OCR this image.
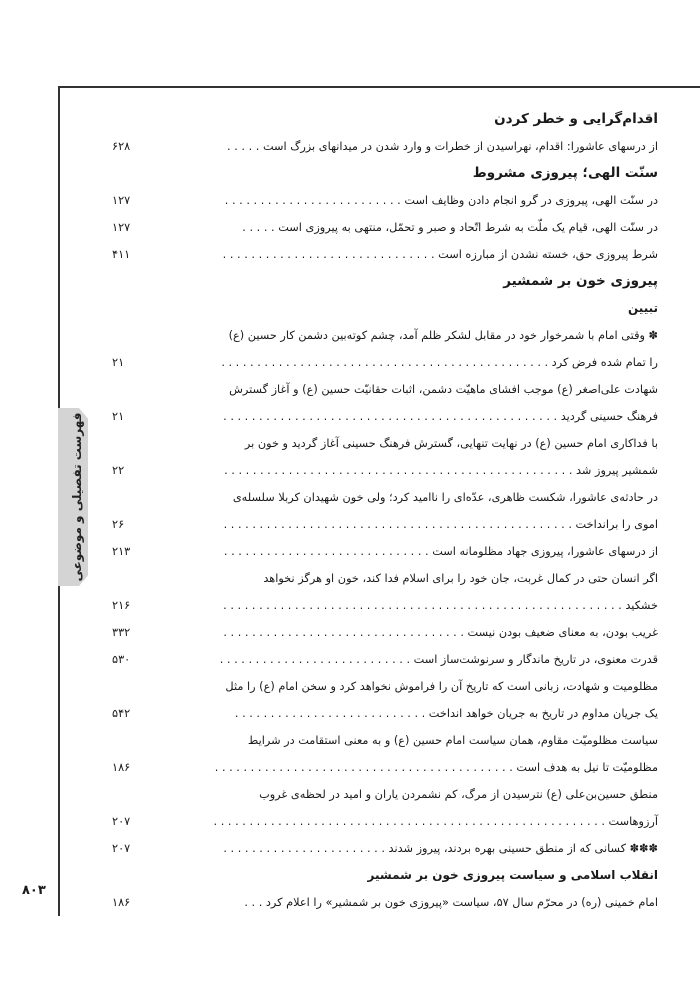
فهرست تفصیلی و موضوعی
۸۰۳
اقدام‌گرایی و خطر کردن
از درسهای عاشورا: اقدام، نهراسیدن از خطرات و وارد شدن در میدانهای بزرگ است . . . . .
۶۲۸
سنّت الهی؛ پیروزی مشروط
در سنّت الهی، پیروزی در گرو انجام دادن وظایف است . . . . . . . . . . . . . . . . . . . . . . . . .
۱۲۷
در سنّت الهی، قیام یک ملّت به شرط اتّحاد و صبر و تحمّل، منتهی به پیروزی است . . . . .
۱۲۷
شرط پیروزی حق، خسته نشدن از مبارزه است . . . . . . . . . . . . . . . . . . . . . . . . . . . . . .
۴۱۱
پیروزی خون بر شمشیر
تبیین
✽ وقتی امام با شمرخوار خود در مقابل لشکر ظلم آمد، چشم کوته‌بین دشمن کار حسین (ع)
را تمام شده فرض کرد . . . . . . . . . . . . . . . . . . . . . . . . . . . . . . . . . . . . . . . . . . . . . .
۲۱
شهادت علی‌اصغر (ع) موجب افشای ماهیّت دشمن، اثبات حقانیّت حسین (ع) و آغاز گسترش
فرهنگ حسینی گردید . . . . . . . . . . . . . . . . . . . . . . . . . . . . . . . . . . . . . . . . . . . . . . .
۲۱
با فداکاری امام حسین (ع) در نهایت تنهایی، گسترش فرهنگ حسینی آغاز گردید و خون بر
شمشیر پیروز شد . . . . . . . . . . . . . . . . . . . . . . . . . . . . . . . . . . . . . . . . . . . . . . . . .
۲۲
در حادثه‌ی عاشورا، شکست ظاهری، عدّه‌ای را ناامید کرد؛ ولی خون شهیدان کربلا سلسله‌ی
اموی را برانداخت . . . . . . . . . . . . . . . . . . . . . . . . . . . . . . . . . . . . . . . . . . . . . . . . .
۲۶
از درسهای عاشورا، پیروزی جهاد مظلومانه است . . . . . . . . . . . . . . . . . . . . . . . . . . . . .
۲۱۳
اگر انسان حتی در کمال غربت، جان خود را برای اسلام فدا کند، خون او هرگز نخواهد
خشکید . . . . . . . . . . . . . . . . . . . . . . . . . . . . . . . . . . . . . . . . . . . . . . . . . . . . . . . .
۲۱۶
غریب بودن، به معنای ضعیف بودن نیست . . . . . . . . . . . . . . . . . . . . . . . . . . . . . . . . . .
۳۳۲
قدرت معنوی، در تاریخ ماندگار و سرنوشت‌ساز است . . . . . . . . . . . . . . . . . . . . . . . . . . .
۵۳۰
مظلومیت و شهادت، زبانی است که تاریخ آن را فراموش نخواهد کرد و سخن امام (ع) را مثل
یک جریان مداوم در تاریخ به جریان خواهد انداخت . . . . . . . . . . . . . . . . . . . . . . . . . . .
۵۴۲
سیاست مظلومیّت مقاوم، همان سیاست امام حسین (ع) و به معنی استقامت در شرایط
مظلومیّت تا نیل به هدف است . . . . . . . . . . . . . . . . . . . . . . . . . . . . . . . . . . . . . . . . . .
۱۸۶
منطق حسین‌بن‌علی (ع) نترسیدن از مرگ، کم نشمردن یاران و امید در لحظه‌ی غروب
آرزوهاست . . . . . . . . . . . . . . . . . . . . . . . . . . . . . . . . . . . . . . . . . . . . . . . . . . . . . . .
۲۰۷
✽✽✽ کسانی که از منطق حسینی بهره بردند، پیروز شدند . . . . . . . . . . . . . . . . . . . . . . .
۲۰۷
انقلاب اسلامی و سیاست پیروزی خون بر شمشیر
امام خمینی (ره) در محرّم سال ۵۷، سیاست «پیروزی خون بر شمشیر» را اعلام کرد . . .
۱۸۶
